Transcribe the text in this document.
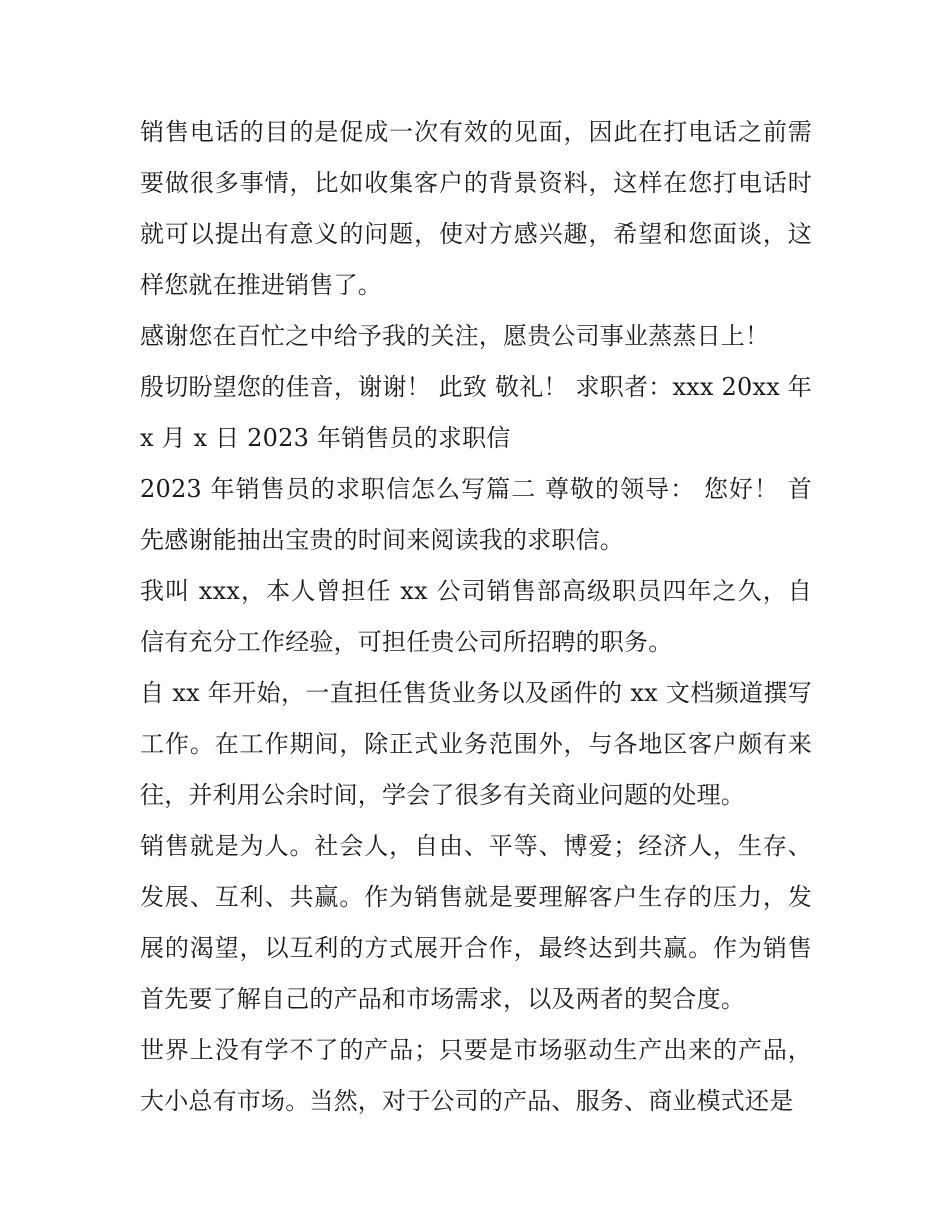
销售电话的目的是促成一次有效的见面，因此在打电话之前需要做很多事情，比如收集客户的背景资料，这样在您打电话时就可以提出有意义的问题，使对方感兴趣，希望和您面谈，这样您就在推进销售了。

感谢您在百忙之中给予我的关注，愿贵公司事业蒸蒸日上！

殷切盼望您的佳音，谢谢！ 此致 敬礼！ 求职者：xxx 20xx 年 x 月 x 日 2023 年销售员的求职信

2023 年销售员的求职信怎么写篇二 尊敬的领导： 您好！ 首先感谢能抽出宝贵的时间来阅读我的求职信。

我叫 xxx，本人曾担任 xx 公司销售部高级职员四年之久，自信有充分工作经验，可担任贵公司所招聘的职务。

自 xx 年开始，一直担任售货业务以及函件的 xx 文档频道撰写工作。在工作期间，除正式业务范围外，与各地区客户颇有来往，并利用公余时间，学会了很多有关商业问题的处理。

销售就是为人。社会人，自由、平等、博爱；经济人，生存、发展、互利、共赢。作为销售就是要理解客户生存的压力，发展的渴望，以互利的方式展开合作，最终达到共赢。作为销售首先要了解自己的产品和市场需求，以及两者的契合度。

世界上没有学不了的产品；只要是市场驱动生产出来的产品，大小总有市场。当然，对于公司的产品、服务、商业模式还是
